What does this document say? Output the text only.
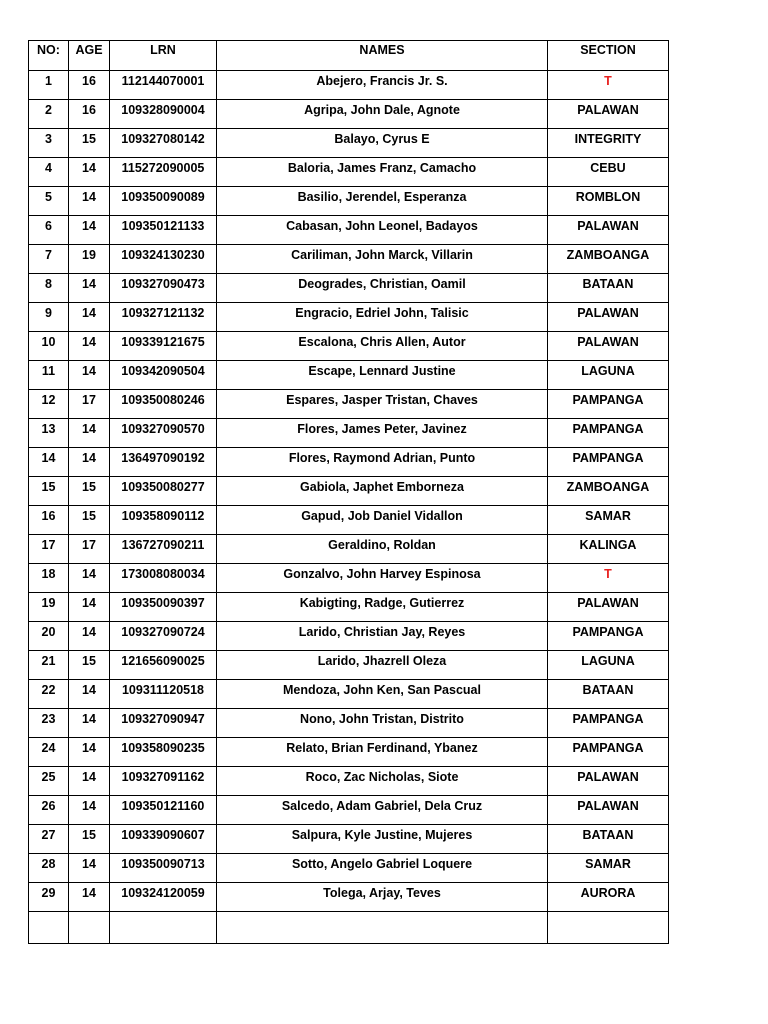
NO:	AGE	LRN	NAMES	SECTION
1	16	112144070001	Abejero, Francis Jr. S.	T
2	16	109328090004	Agripa, John Dale, Agnote	PALAWAN
3	15	109327080142	Balayo, Cyrus E	INTEGRITY
4	14	115272090005	Baloria, James Franz, Camacho	CEBU
5	14	109350090089	Basilio, Jerendel, Esperanza	ROMBLON
6	14	109350121133	Cabasan, John Leonel, Badayos	PALAWAN
7	19	109324130230	Cariliman, John Marck, Villarin	ZAMBOANGA
8	14	109327090473	Deogrades, Christian, Oamil	BATAAN
9	14	109327121132	Engracio, Edriel John, Talisic	PALAWAN
10	14	109339121675	Escalona, Chris Allen, Autor	PALAWAN
11	14	109342090504	Escape, Lennard Justine	LAGUNA
12	17	109350080246	Espares, Jasper Tristan, Chaves	PAMPANGA
13	14	109327090570	Flores, James Peter, Javinez	PAMPANGA
14	14	136497090192	Flores, Raymond Adrian, Punto	PAMPANGA
15	15	109350080277	Gabiola, Japhet Emborneza	ZAMBOANGA
16	15	109358090112	Gapud, Job Daniel Vidallon	SAMAR
17	17	136727090211	Geraldino, Roldan	KALINGA
18	14	173008080034	Gonzalvo, John Harvey Espinosa	T
19	14	109350090397	Kabigting, Radge, Gutierrez	PALAWAN
20	14	109327090724	Larido, Christian Jay, Reyes	PAMPANGA
21	15	121656090025	Larido, Jhazrell Oleza	LAGUNA
22	14	109311120518	Mendoza, John Ken, San Pascual	BATAAN
23	14	109327090947	Nono, John Tristan, Distrito	PAMPANGA
24	14	109358090235	Relato, Brian Ferdinand, Ybanez	PAMPANGA
25	14	109327091162	Roco, Zac Nicholas, Siote	PALAWAN
26	14	109350121160	Salcedo, Adam Gabriel, Dela Cruz	PALAWAN
27	15	109339090607	Salpura, Kyle Justine, Mujeres	BATAAN
28	14	109350090713	Sotto, Angelo Gabriel Loquere	SAMAR
29	14	109324120059	Tolega, Arjay, Teves	AURORA
